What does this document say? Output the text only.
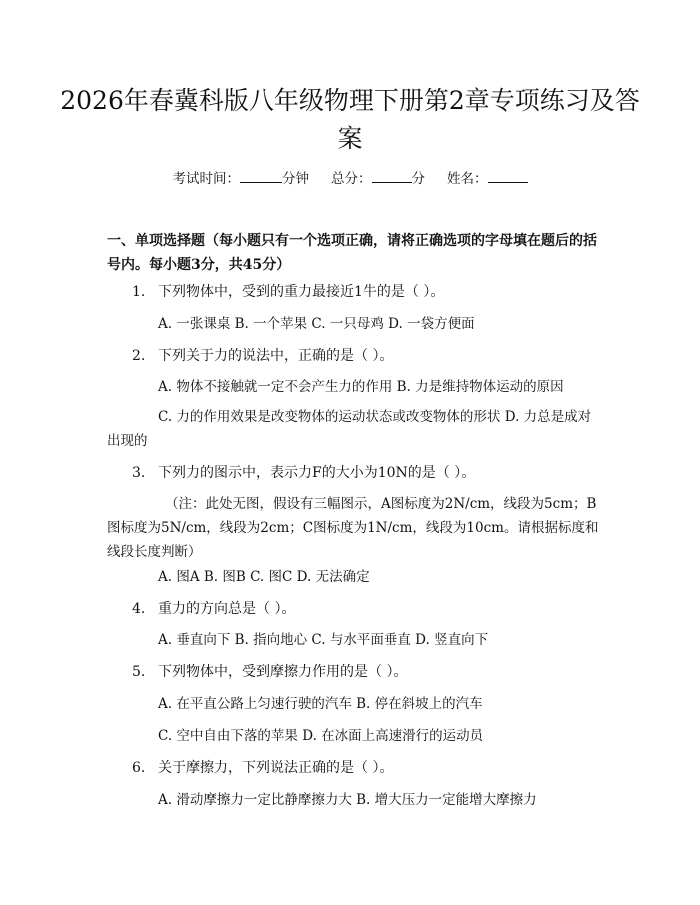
2026年春冀科版八年级物理下册第2章专项练习及答案
考试时间：	分钟 总分：	分 姓名：

一、单项选择题（每小题只有一个选项正确，请将正确选项的字母填在题后的括号内。每小题3分，共45分）

1. 下列物体中，受到的重力最接近1牛的是（ ）。
A. 一张课桌 B. 一个苹果 C. 一只母鸡 D. 一袋方便面
2. 下列关于力的说法中，正确的是（ ）。
A. 物体不接触就一定不会产生力的作用 B. 力是维持物体运动的原因
C. 力的作用效果是改变物体的运动状态或改变物体的形状 D. 力总是成对出现的
3. 下列力的图示中，表示力F的大小为10N的是（ ）。
（注：此处无图，假设有三幅图示，A图标度为2N/cm，线段为5cm；B图标度为5N/cm，线段为2cm；C图标度为1N/cm，线段为10cm。请根据标度和线段长度判断）
A. 图A B. 图B C. 图C D. 无法确定
4. 重力的方向总是（ ）。
A. 垂直向下 B. 指向地心 C. 与水平面垂直 D. 竖直向下
5. 下列物体中，受到摩擦力作用的是（ ）。
A. 在平直公路上匀速行驶的汽车 B. 停在斜坡上的汽车
C. 空中自由下落的苹果 D. 在冰面上高速滑行的运动员
6. 关于摩擦力，下列说法正确的是（ ）。
A. 滑动摩擦力一定比静摩擦力大 B. 增大压力一定能增大摩擦力
